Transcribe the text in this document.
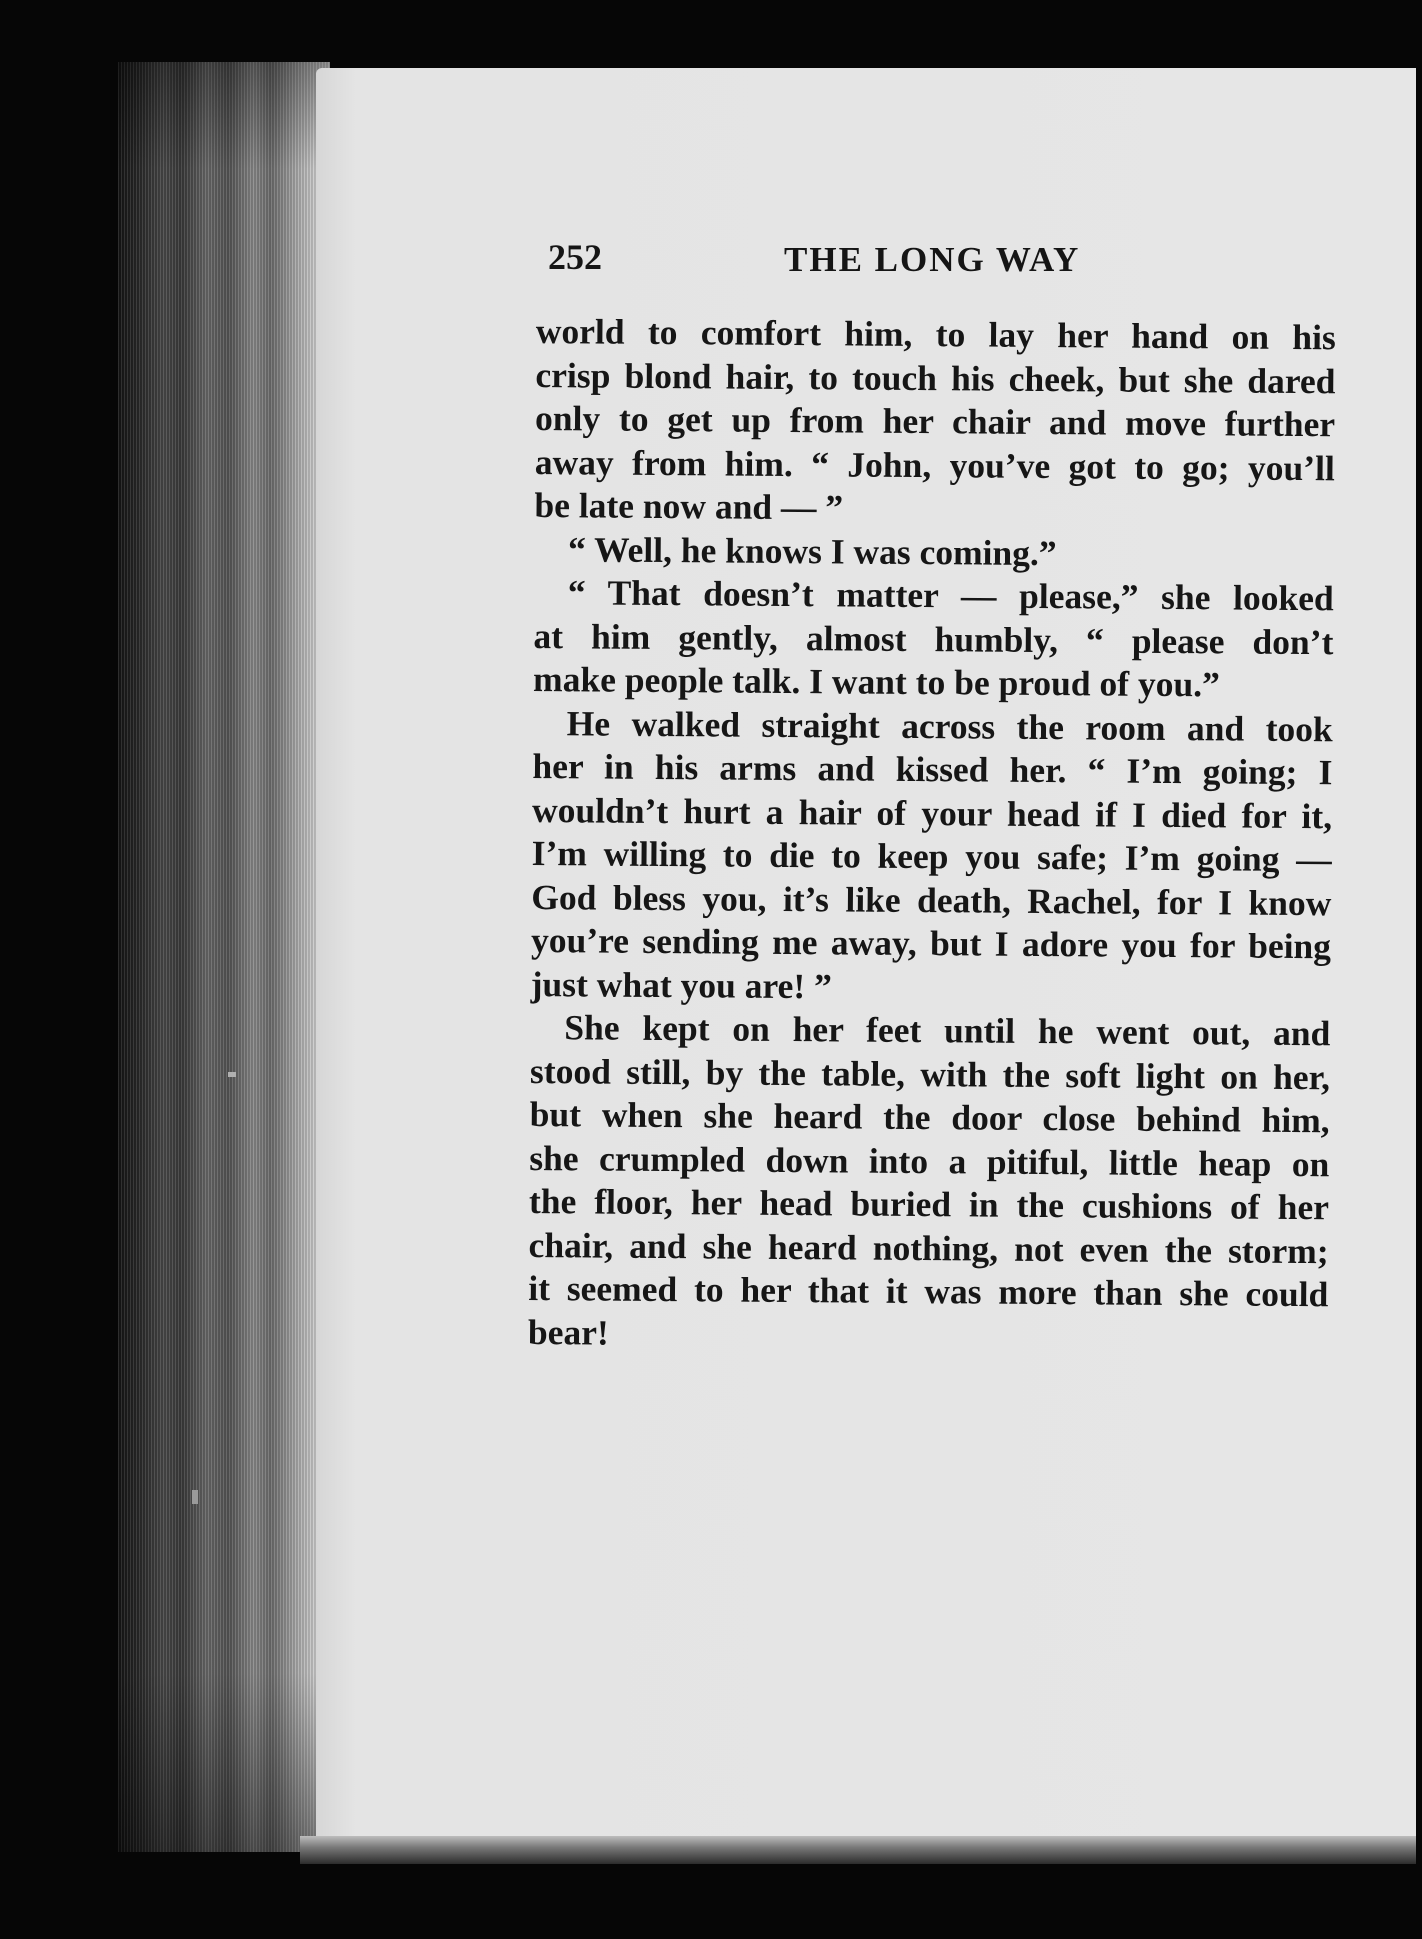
252	THE LONG WAY
world to comfort him, to lay her hand on his
crisp blond hair, to touch his cheek, but she dared
only to get up from her chair and move further
away from him. “ John, you’ve got to go; you’ll
be late now and — ”
“ Well, he knows I was coming.”
“ That doesn’t matter — please,” she looked
at him gently, almost humbly, “ please don’t
make people talk. I want to be proud of you.”
He walked straight across the room and took
her in his arms and kissed her. “ I’m going; I
wouldn’t hurt a hair of your head if I died for it,
I’m willing to die to keep you safe; I’m going —
God bless you, it’s like death, Rachel, for I know
you’re sending me away, but I adore you for being
just what you are! ”
She kept on her feet until he went out, and
stood still, by the table, with the soft light on her,
but when she heard the door close behind him,
she crumpled down into a pitiful, little heap on
the floor, her head buried in the cushions of her
chair, and she heard nothing, not even the storm;
it seemed to her that it was more than she could
bear!
